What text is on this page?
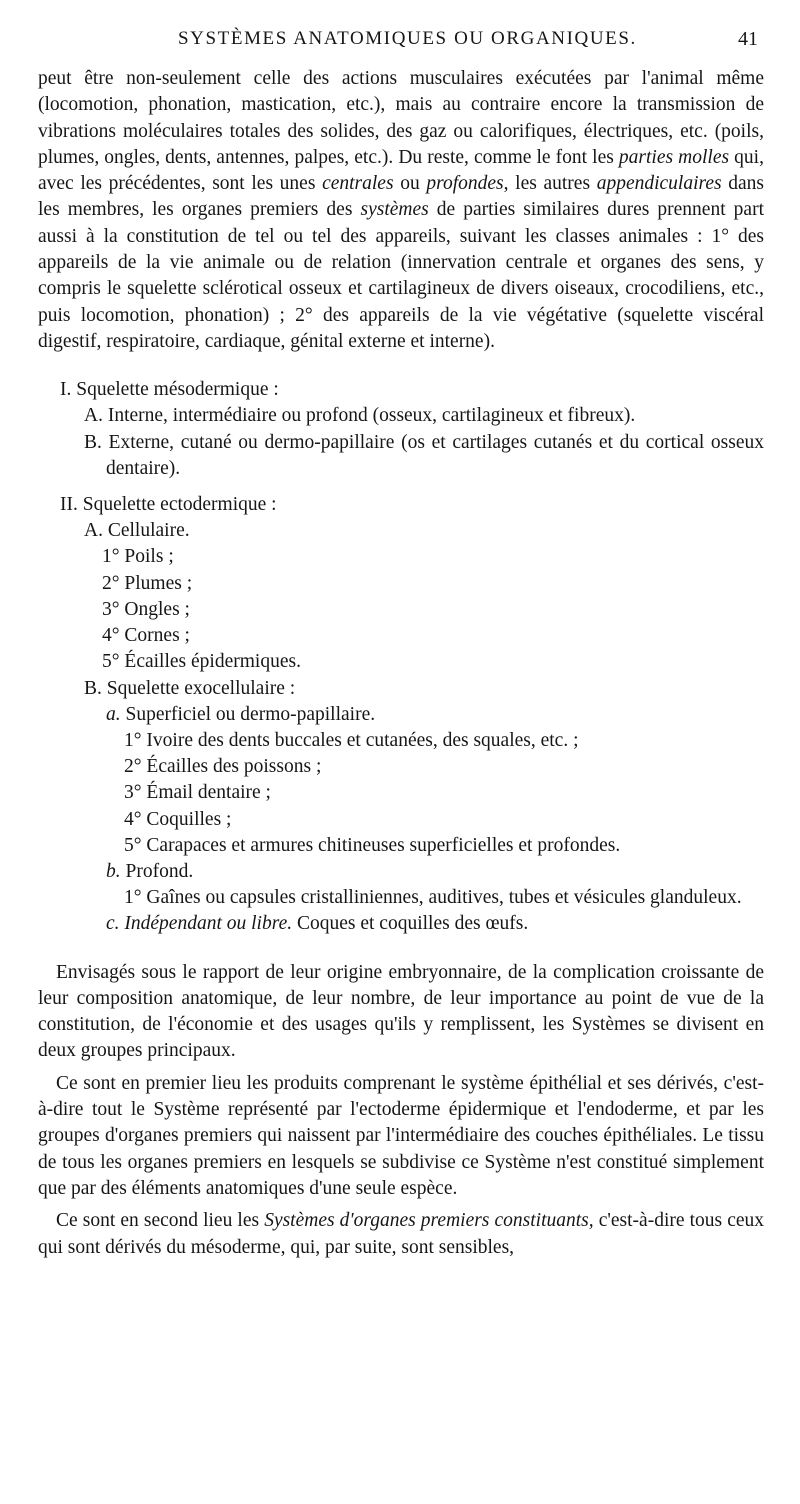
SYSTÈMES ANATOMIQUES OU ORGANIQUES.	41

peut être non-seulement celle des actions musculaires exécutées par l'animal même (locomotion, phonation, mastication, etc.), mais au contraire encore la transmission de vibrations moléculaires totales des solides, des gaz ou calorifiques, électriques, etc. (poils, plumes, ongles, dents, antennes, palpes, etc.). Du reste, comme le font les parties molles qui, avec les précédentes, sont les unes centrales ou profondes, les autres appendiculaires dans les membres, les organes premiers des systèmes de parties similaires dures prennent part aussi à la constitution de tel ou tel des appareils, suivant les classes animales : 1° des appareils de la vie animale ou de relation (innervation centrale et organes des sens, y compris le squelette sclérotical osseux et cartilagineux de divers oiseaux, crocodiliens, etc., puis locomotion, phonation) ; 2° des appareils de la vie végétative (squelette viscéral digestif, respiratoire, cardiaque, génital externe et interne).

I. Squelette mésodermique :
A. Interne, intermédiaire ou profond (osseux, cartilagineux et fibreux).
B. Externe, cutané ou dermo-papillaire (os et cartilages cutanés et du cortical osseux dentaire).
II. Squelette ectodermique :
A. Cellulaire.
1° Poils ;
2° Plumes ;
3° Ongles ;
4° Cornes ;
5° Écailles épidermiques.
B. Squelette exocellulaire :
a. Superficiel ou dermo-papillaire.
1° Ivoire des dents buccales et cutanées, des squales, etc. ;
2° Écailles des poissons ;
3° Émail dentaire ;
4° Coquilles ;
5° Carapaces et armures chitineuses superficielles et profondes.
b. Profond.
1° Gaînes ou capsules cristalliniennes, auditives, tubes et vésicules glanduleux.
c. Indépendant ou libre. Coques et coquilles des œufs.

Envisagés sous le rapport de leur origine embryonnaire, de la complication croissante de leur composition anatomique, de leur nombre, de leur importance au point de vue de la constitution, de l'économie et des usages qu'ils y remplissent, les Systèmes se divisent en deux groupes principaux.

Ce sont en premier lieu les produits comprenant le système épithélial et ses dérivés, c'est-à-dire tout le Système représenté par l'ectoderme épidermique et l'endoderme, et par les groupes d'organes premiers qui naissent par l'intermédiaire des couches épithéliales. Le tissu de tous les organes premiers en lesquels se subdivise ce Système n'est constitué simplement que par des éléments anatomiques d'une seule espèce.

Ce sont en second lieu les Systèmes d'organes premiers constituants, c'est-à-dire tous ceux qui sont dérivés du mésoderme, qui, par suite, sont sensibles,
